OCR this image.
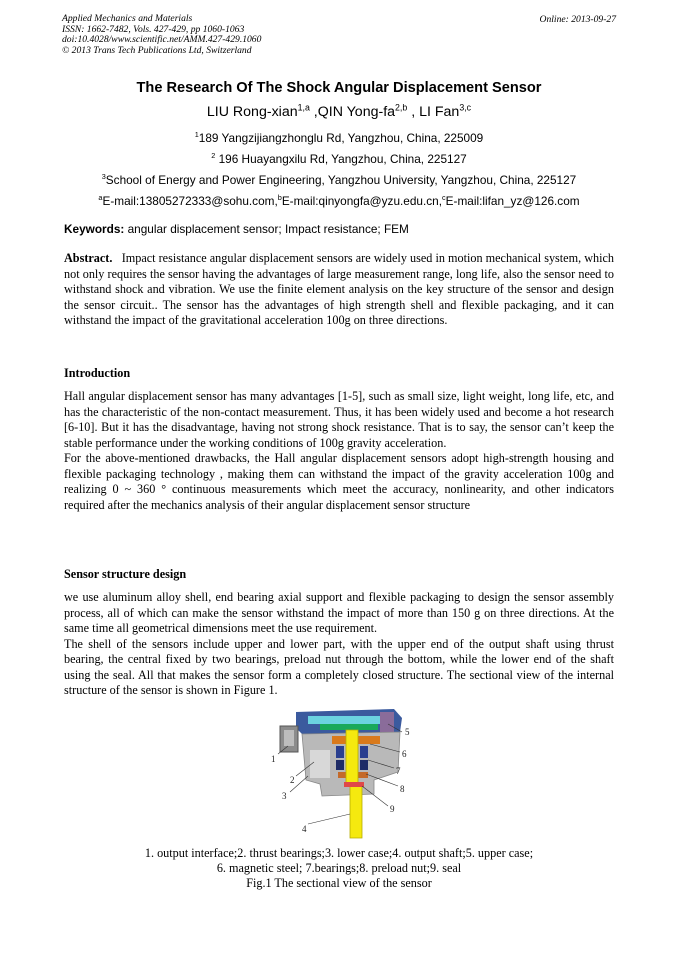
Applied Mechanics and Materials
ISSN: 1662-7482, Vols. 427-429, pp 1060-1063
doi:10.4028/www.scientific.net/AMM.427-429.1060
© 2013 Trans Tech Publications Ltd, Switzerland
Online: 2013-09-27
The Research Of The Shock Angular Displacement Sensor
LIU Rong-xian$^{1,a}$ ,QIN Yong-fa$^{2,b}$ , LI Fan$^{3,c}$
$^1$189 Yangzijiangzhonglu Rd, Yangzhou, China, 225009
$^2$ 196 Huayangxilu Rd, Yangzhou, China, 225127
$^3$School of Energy and Power Engineering, Yangzhou University, Yangzhou, China, 225127
$^a$E-mail:13805272333@sohu.com,$^b$E-mail:qinyongfa@yzu.edu.cn,$^c$E-mail:lifan_yz@126.com
Keywords: angular displacement sensor; Impact resistance; FEM

Abstract. Impact resistance angular displacement sensors are widely used in motion mechanical system, which not only requires the sensor having the advantages of large measurement range, long life, also the sensor need to withstand shock and vibration. We use the finite element analysis on the key structure of the sensor and design the sensor circuit.. The sensor has the advantages of high strength shell and flexible packaging, and it can withstand the impact of the gravitational acceleration 100g on three directions.

Introduction

Hall angular displacement sensor has many advantages [1-5], such as small size, light weight, long life, etc, and has the characteristic of the non-contact measurement. Thus, it has been widely used and become a hot research [6-10]. But it has the disadvantage, having not strong shock resistance. That is to say, the sensor can’t keep the stable performance under the working conditions of 100g gravity acceleration.

For the above-mentioned drawbacks, the Hall angular displacement sensors adopt high-strength housing and flexible packaging technology , making them can withstand the impact of the gravity acceleration 100g and realizing 0 ~ 360 ° continuous measurements which meet the accuracy, nonlinearity, and other indicators required after the mechanics analysis of their angular displacement sensor structure

Sensor structure design

we use aluminum alloy shell, end bearing axial support and flexible packaging to design the sensor assembly process, all of which can make the sensor withstand the impact of more than 150 g on three directions. At the same time all geometrical dimensions meet the use requirement.

The shell of the sensors include upper and lower part, with the upper end of the output shaft using thrust bearing, the central fixed by two bearings, preload nut through the bottom, while the lower end of the shaft using the seal. All that makes the sensor form a completely closed structure. The sectional view of the internal structure of the sensor is shown in Figure 1.

1
2
3
4
5
6
7
8
9
1. output interface;2. thrust bearings;3. lower case;4. output shaft;5. upper case;
6. magnetic steel; 7.bearings;8. preload nut;9. seal
Fig.1 The sectional view of the sensor
